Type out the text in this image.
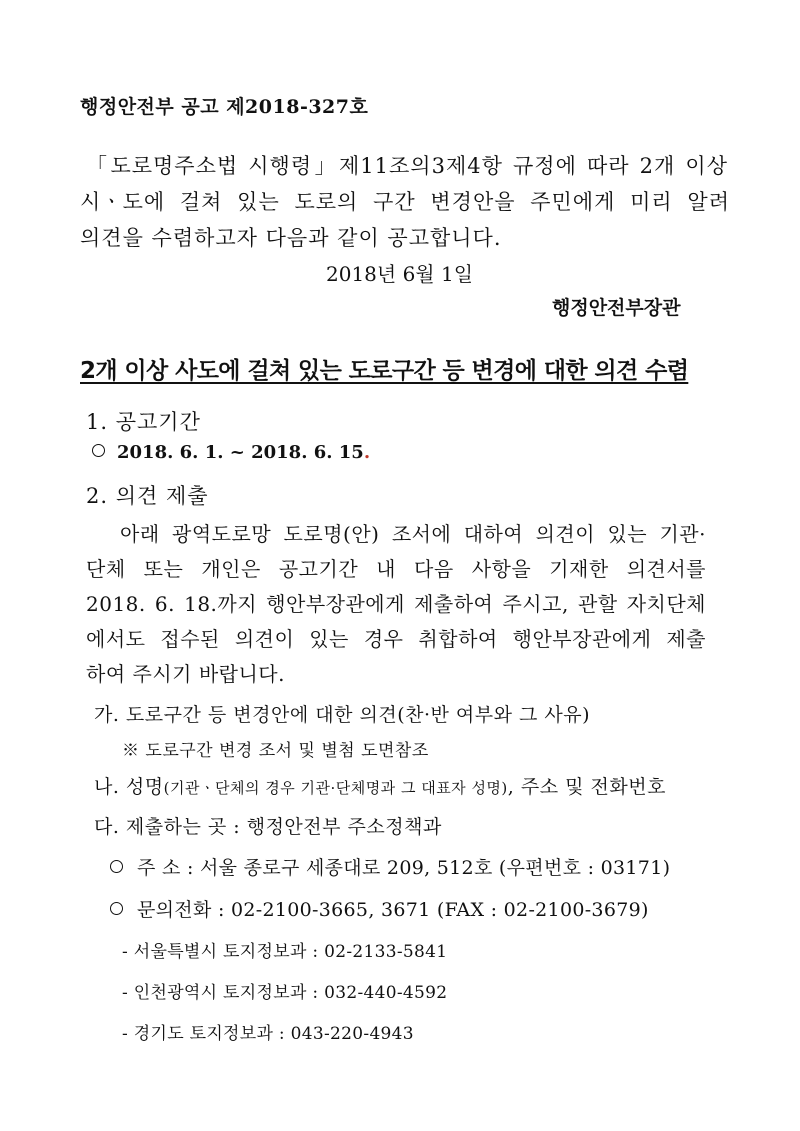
행정안전부 공고 제2018-327호
「도로명주소법 시행령」제11조의3제4항 규정에 따라 2개 이상
시ㆍ도에 걸쳐 있는 도로의 구간 변경안을 주민에게 미리 알려
의견을 수렴하고자 다음과 같이 공고합니다.
2018년 6월 1일
행정안전부장관
2개 이상 사도에 걸쳐 있는 도로구간 등 변경에 대한 의견 수렴
1. 공고기간
2018. 6. 1. ~ 2018. 6. 15.
2. 의견 제출
아래 광역도로망 도로명(안) 조서에 대하여 의견이 있는 기관·
단체 또는 개인은 공고기간 내 다음 사항을 기재한 의견서를
2018. 6. 18.까지 행안부장관에게 제출하여 주시고, 관할 자치단체
에서도 접수된 의견이 있는 경우 취합하여 행안부장관에게 제출
하여 주시기 바랍니다.
가. 도로구간 등 변경안에 대한 의견(찬·반 여부와 그 사유)
※ 도로구간 변경 조서 및 별첨 도면참조
나. 성명(기관ㆍ단체의 경우 기관·단체명과 그 대표자 성명), 주소 및 전화번호
다. 제출하는 곳 : 행정안전부 주소정책과
주 소 : 서울 종로구 세종대로 209, 512호 (우편번호 : 03171)
문의전화 : 02-2100-3665, 3671 (FAX : 02-2100-3679)
- 서울특별시 토지정보과 : 02-2133-5841
- 인천광역시 토지정보과 : 032-440-4592
- 경기도 토지정보과 : 043-220-4943
